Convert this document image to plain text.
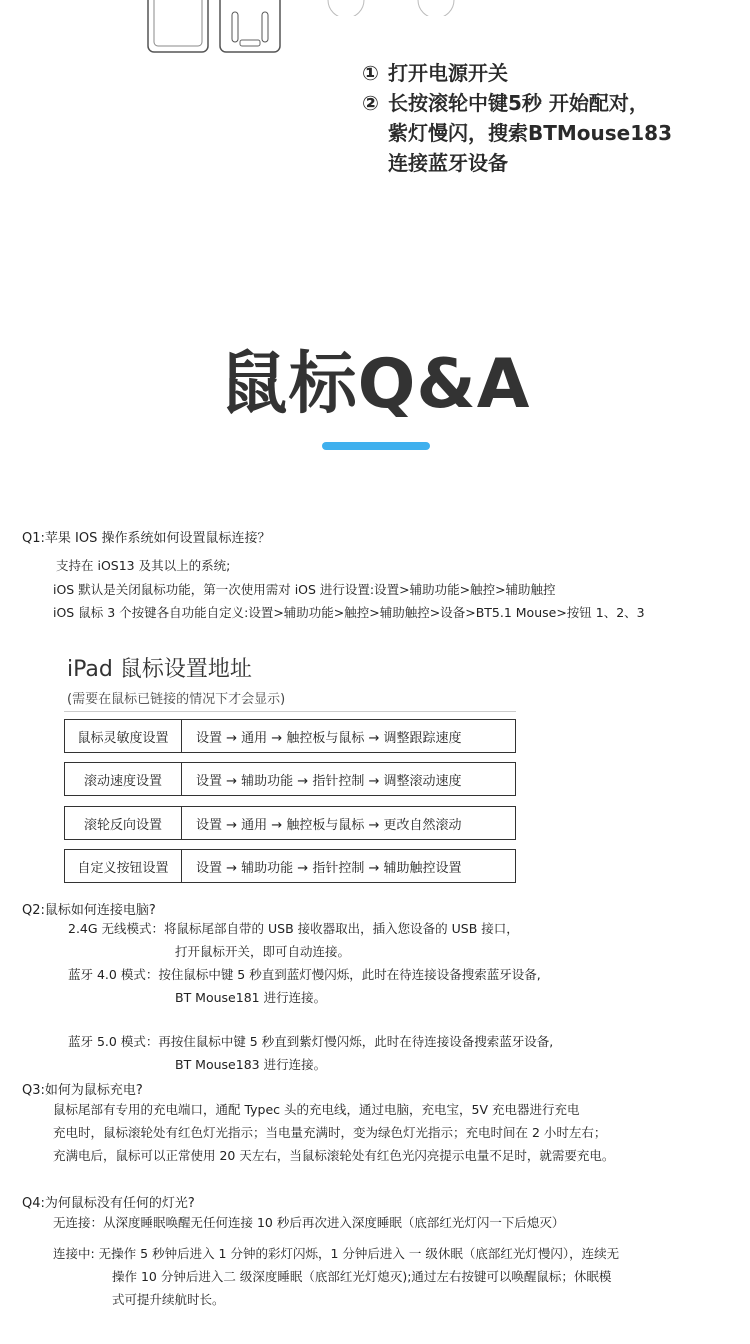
① 打开电源开关
② 长按滚轮中键5秒 开始配对，
紫灯慢闪，搜索BTMouse183
连接蓝牙设备
鼠标Q&A
Q1:苹果 IOS 操作系统如何设置鼠标连接？
支持在 iOS13 及其以上的系统;
iOS 默认是关闭鼠标功能，第一次使用需对 iOS 进行设置:设置>辅助功能>触控>辅助触控
iOS 鼠标 3 个按键各自功能自定义:设置>辅助功能>触控>辅助触控>设备>BT5.1 Mouse>按钮 1、2、3
iPad 鼠标设置地址
(需要在鼠标已链接的情况下才会显示)
鼠标灵敏度设置	设置 → 通用 → 触控板与鼠标 → 调整跟踪速度
滚动速度设置	设置 → 辅助功能 → 指针控制 → 调整滚动速度
滚轮反向设置	设置 → 通用 → 触控板与鼠标 → 更改自然滚动
自定义按钮设置	设置 → 辅助功能 → 指针控制 → 辅助触控设置
Q2:鼠标如何连接电脑?
2.4G 无线模式：将鼠标尾部自带的 USB 接收器取出，插入您设备的 USB 接口，
打开鼠标开关，即可自动连接。
蓝牙 4.0 模式：按住鼠标中键 5 秒直到蓝灯慢闪烁，此时在待连接设备搜索蓝牙设备,
BT Mouse181 进行连接。
蓝牙 5.0 模式：再按住鼠标中键 5 秒直到紫灯慢闪烁，此时在待连接设备搜索蓝牙设备,
BT Mouse183 进行连接。
Q3:如何为鼠标充电?
鼠标尾部有专用的充电端口，通配 Typec 头的充电线，通过电脑，充电宝，5V 充电器进行充电
充电时，鼠标滚轮处有红色灯光指示；当电量充满时，变为绿色灯光指示；充电时间在 2 小时左右；
充满电后，鼠标可以正常使用 20 天左右，当鼠标滚轮处有红色光闪亮提示电量不足时，就需要充电。
Q4:为何鼠标没有任何的灯光?
无连接：从深度睡眠唤醒无任何连接 10 秒后再次进入深度睡眠（底部红光灯闪一下后熄灭）
连接中: 无操作 5 秒钟后进入 1 分钟的彩灯闪烁，1 分钟后进入 一 级休眠（底部红光灯慢闪），连续无
操作 10 分钟后进入二 级深度睡眠（底部红光灯熄灭);通过左右按键可以唤醒鼠标；休眠模
式可提升续航时长。
